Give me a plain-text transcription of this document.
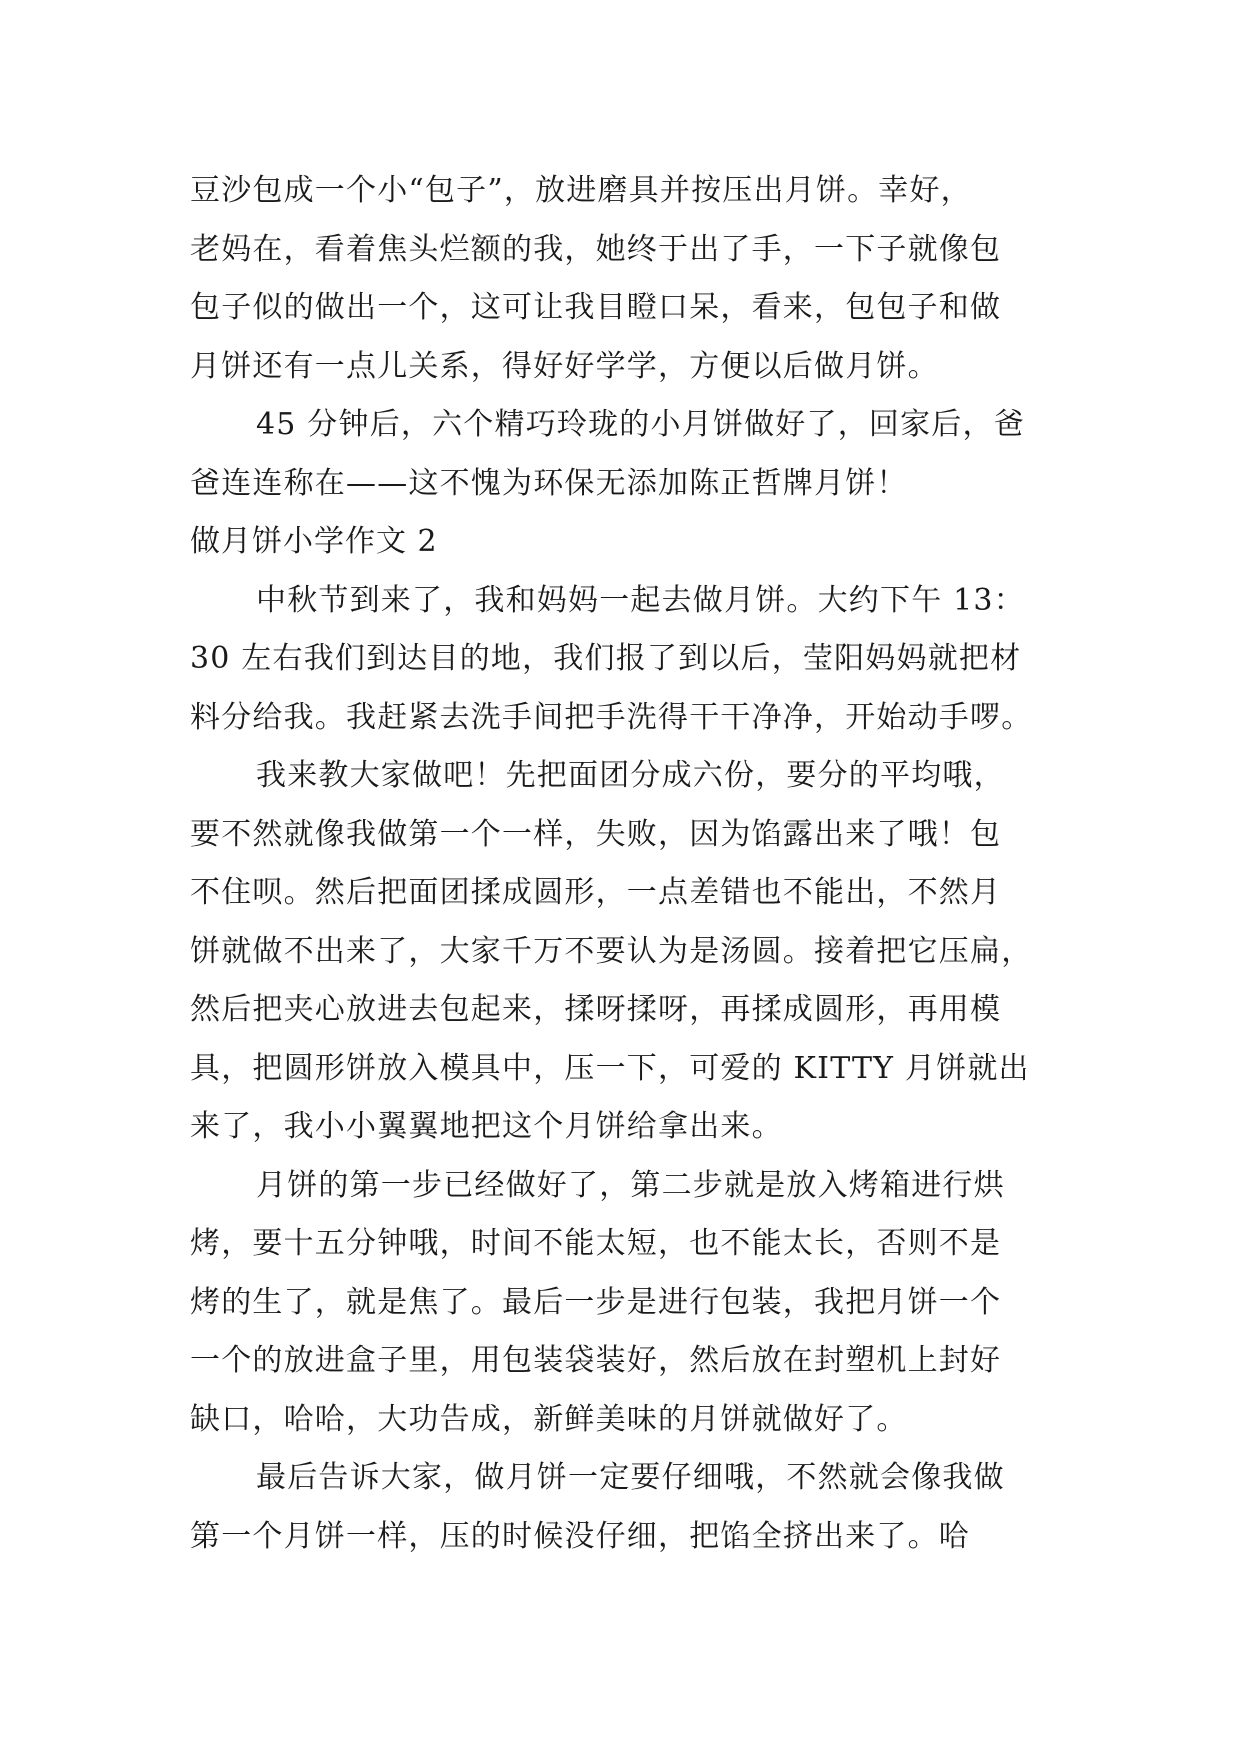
豆沙包成一个小“包子”，放进磨具并按压出月饼。幸好，
老妈在，看着焦头烂额的我，她终于出了手，一下子就像包
包子似的做出一个，这可让我目瞪口呆，看来，包包子和做
月饼还有一点儿关系，得好好学学，方便以后做月饼。
45 分钟后，六个精巧玲珑的小月饼做好了，回家后，爸
爸连连称在——这不愧为环保无添加陈正哲牌月饼！
做月饼小学作文 2
中秋节到来了，我和妈妈一起去做月饼。大约下午 13：
30 左右我们到达目的地，我们报了到以后，莹阳妈妈就把材
料分给我。我赶紧去洗手间把手洗得干干净净，开始动手啰。
我来教大家做吧！先把面团分成六份，要分的平均哦，
要不然就像我做第一个一样，失败，因为馅露出来了哦！包
不住呗。然后把面团揉成圆形，一点差错也不能出，不然月
饼就做不出来了，大家千万不要认为是汤圆。接着把它压扁，
然后把夹心放进去包起来，揉呀揉呀，再揉成圆形，再用模
具，把圆形饼放入模具中，压一下，可爱的 KITTY 月饼就出
来了，我小小翼翼地把这个月饼给拿出来。
月饼的第一步已经做好了，第二步就是放入烤箱进行烘
烤，要十五分钟哦，时间不能太短，也不能太长，否则不是
烤的生了，就是焦了。最后一步是进行包装，我把月饼一个
一个的放进盒子里，用包装袋装好，然后放在封塑机上封好
缺口，哈哈，大功告成，新鲜美味的月饼就做好了。
最后告诉大家，做月饼一定要仔细哦，不然就会像我做
第一个月饼一样，压的时候没仔细，把馅全挤出来了。哈
